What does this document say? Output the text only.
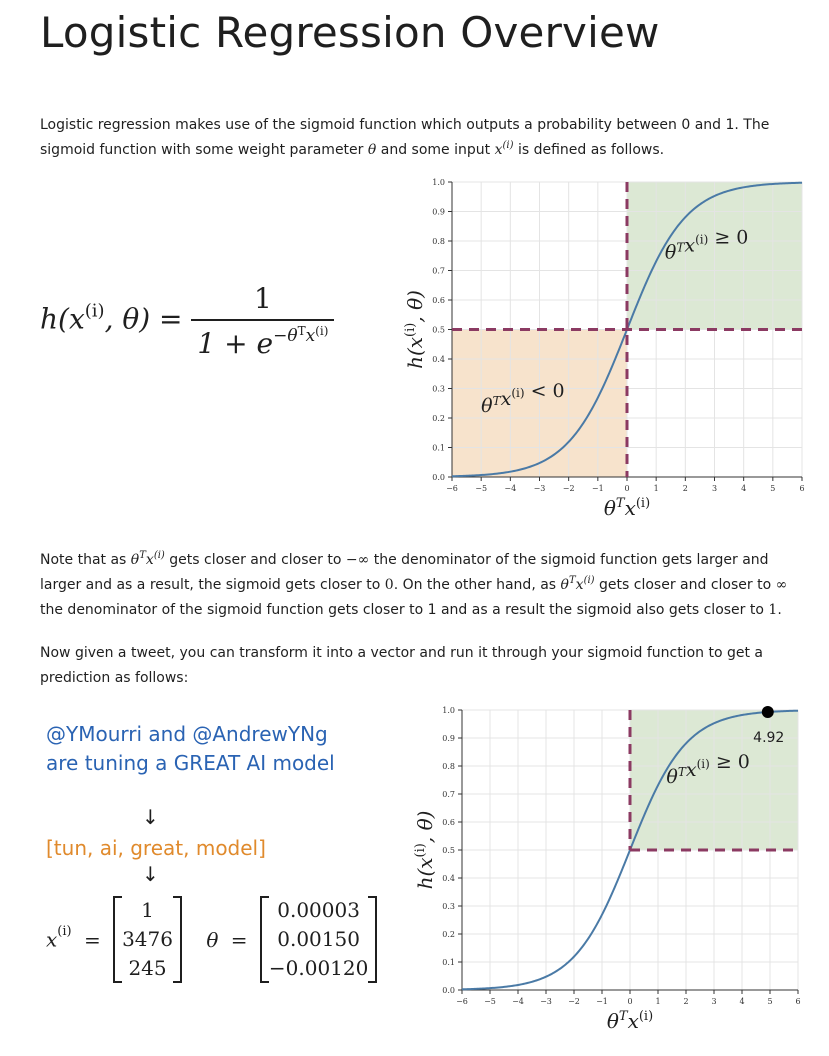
Logistic Regression Overview

Logistic regression makes use of the sigmoid function which outputs a probability between 0 and 1. The sigmoid function with some weight parameter θ and some input $x^{(i)}$ is defined as follows.

$h(x^{(i)}$, $\theta) = \frac{1}{1 + e^{-\theta^Tx^{(i)}}}$
−6 −5 −4 −3 −2 −1	0	1	2	3	4	5	6
0.0
0.1
0.2
0.3
0.4
0.5
0.6
0.7
0.8
0.9
1.0
$\theta^Tx^{(i)} \ge 0$
$\theta^Tx^{(i)} < 0$
$\theta^Tx^{(i)}$
$h(x^{(i)}$, θ)

Note that as $\theta^Tx^{(i)}$ gets closer and closer to −∞ the denominator of the sigmoid function gets larger and larger and as a result, the sigmoid gets closer to 0. On the other hand, as $\theta^Tx^{(i)}$ gets closer and closer to ∞ the denominator of the sigmoid function gets closer to 1 and as a result the sigmoid also gets closer to 1.

Now given a tweet, you can transform it into a vector and run it through your sigmoid function to get a prediction as follows:

@YMourri and @AndrewYNg are tuning a GREAT AI model
↓
[tun, ai, great, model]
↓
$x^{(i)}$ =
1
3476
245
θ =
0.00003
0.00150
−0.00120
−6 −5 −4 −3 −2 −1 0	1	2	3	4	5	6
0.0
0.1
0.2
0.3
0.4
0.5
0.6
0.7
0.8
0.9
1.0
$\theta^Tx^{(i)} \ge 0$
4.92
$\theta^Tx^{(i)}$
$h(x^{(i)}$, θ)
